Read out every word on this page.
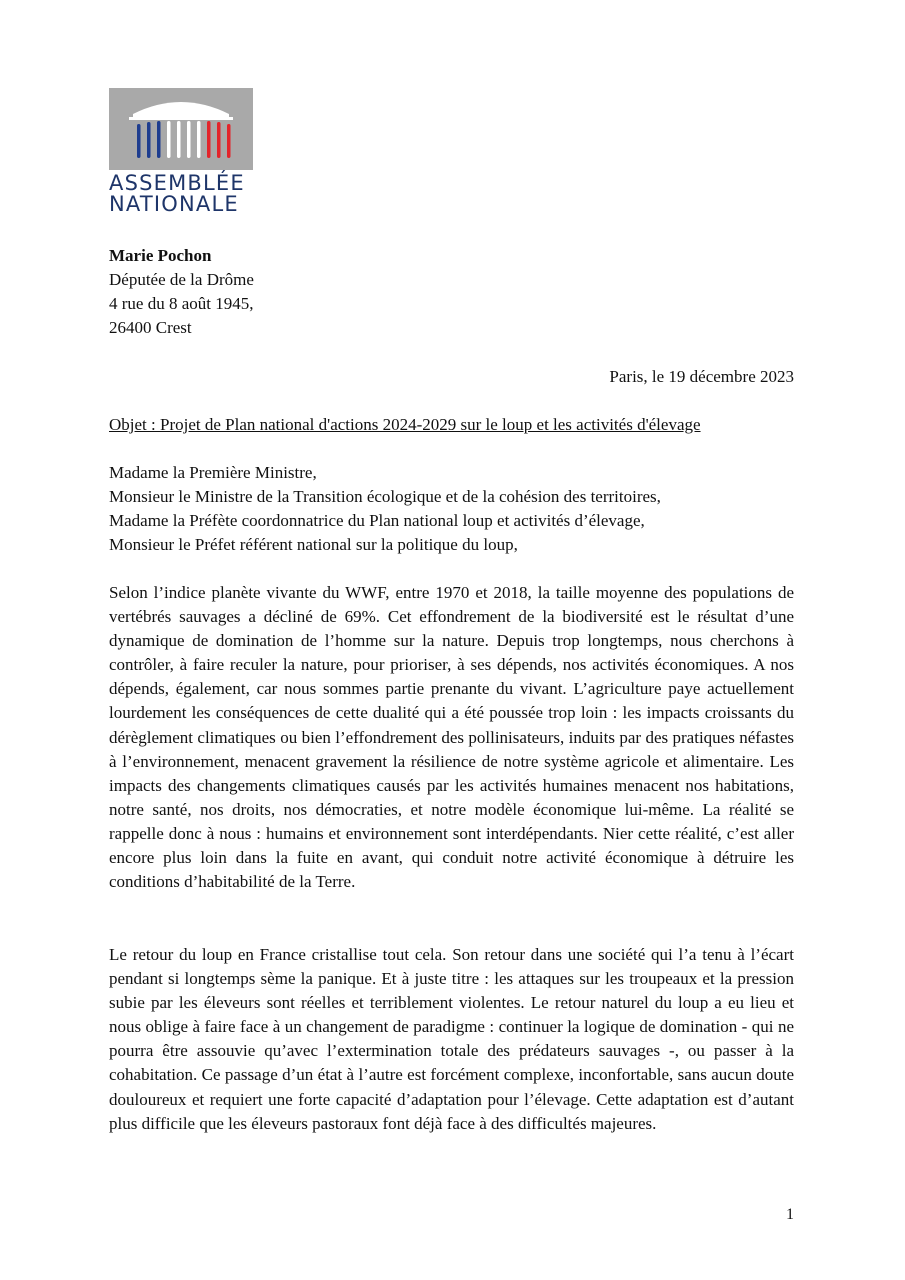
ASSEMBLÉE
NATIONALE
Marie Pochon
Députée de la Drôme
4 rue du 8 août 1945,
26400 Crest
Paris, le 19 décembre 2023
Objet : Projet de Plan national d'actions 2024-2029 sur le loup et les activités d'élevage
Madame la Première Ministre,
Monsieur le Ministre de la Transition écologique et de la cohésion des territoires,
Madame la Préfète coordonnatrice du Plan national loup et activités d’élevage,
Monsieur le Préfet référent national sur la politique du loup,

Selon l’indice planète vivante du WWF, entre 1970 et 2018, la taille moyenne des populations de vertébrés sauvages a décliné de 69%. Cet effondrement de la biodiversité est le résultat d’une dynamique de domination de l’homme sur la nature. Depuis trop longtemps, nous cherchons à contrôler, à faire reculer la nature, pour prioriser, à ses dépends, nos activités économiques. A nos dépends, également, car nous sommes partie prenante du vivant. L’agriculture paye actuellement lourdement les conséquences de cette dualité qui a été poussée trop loin : les impacts croissants du dérèglement climatiques ou bien l’effondrement des pollinisateurs, induits par des pratiques néfastes à l’environnement, menacent gravement la résilience de notre système agricole et alimentaire. Les impacts des changements climatiques causés par les activités humaines menacent nos habitations, notre santé, nos droits, nos démocraties, et notre modèle économique lui-même. La réalité se rappelle donc à nous : humains et environnement sont interdépendants. Nier cette réalité, c’est aller encore plus loin dans la fuite en avant, qui conduit notre activité économique à détruire les conditions d’habitabilité de la Terre.

Le retour du loup en France cristallise tout cela. Son retour dans une société qui l’a tenu à l’écart pendant si longtemps sème la panique. Et à juste titre : les attaques sur les troupeaux et la pression subie par les éleveurs sont réelles et terriblement violentes. Le retour naturel du loup a eu lieu et nous oblige à faire face à un changement de paradigme : continuer la logique de domination - qui ne pourra être assouvie qu’avec l’extermination totale des prédateurs sauvages -, ou passer à la cohabitation. Ce passage d’un état à l’autre est forcément complexe, inconfortable, sans aucun doute douloureux et requiert une forte capacité d’adaptation pour l’élevage. Cette adaptation est d’autant plus difficile que les éleveurs pastoraux font déjà face à des difficultés majeures.

1
